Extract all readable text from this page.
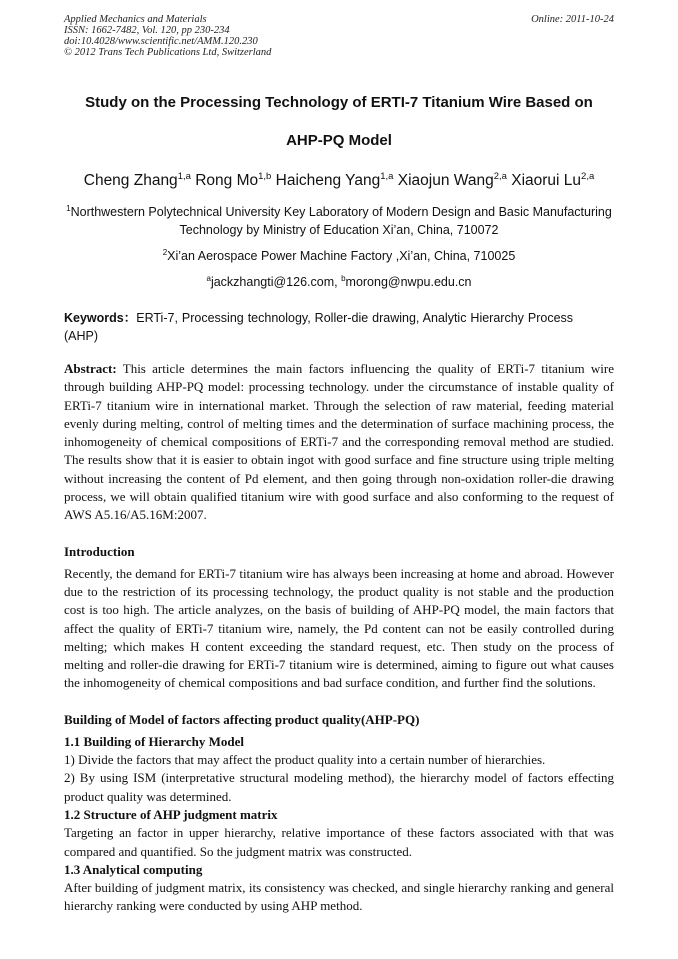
Applied Mechanics and Materials
ISSN: 1662-7482, Vol. 120, pp 230-234
doi:10.4028/www.scientific.net/AMM.120.230
© 2012 Trans Tech Publications Ltd, Switzerland
Online: 2011-10-24
Study on the Processing Technology of ERTI-7 Titanium Wire Based on
AHP-PQ Model
Cheng Zhang$^{1,a}$ Rong Mo$^{1,b}$ Haicheng Yang$^{1,a}$ Xiaojun Wang$^{2,a}$ Xiaorui Lu$^{2,a}$
$^1$Northwestern Polytechnical University Key Laboratory of Modern Design and Basic Manufacturing
Technology by Ministry of Education Xi’an, China, 710072
$^2$Xi’an Aerospace Power Machine Factory ,Xi’an, China, 710025
$^a$jackzhangti@126.com, $^b$morong@nwpu.edu.cn
Keywords：ERTi-7, Processing technology, Roller-die drawing, Analytic Hierarchy Process　(AHP)

Abstract: This article determines the main factors influencing the quality of ERTi-7 titanium wire through building AHP-PQ model: processing technology. under the circumstance of instable quality of ERTi-7 titanium wire in international market. Through the selection of raw material, feeding material evenly during melting, control of melting times and the determination of surface machining process, the inhomogeneity of chemical compositions of ERTi-7 and the corresponding removal method are studied. The results show that it is easier to obtain ingot with good surface and fine structure using triple melting without increasing the content of Pd element, and then going through non-oxidation roller-die drawing process, we will obtain qualified titanium wire with good surface and also conforming to the request of AWS A5.16/A5.16M:2007.

Introduction

Recently, the demand for ERTi-7 titanium wire has always been increasing at home and abroad. However due to the restriction of its processing technology, the product quality is not stable and the production cost is too high. The article analyzes, on the basis of building of AHP-PQ model, the main factors that affect the quality of ERTi-7 titanium wire, namely, the Pd content can not be easily controlled during melting; which makes H content exceeding the standard request, etc. Then study on the process of melting and roller-die drawing for ERTi-7 titanium wire is determined, aiming to figure out what causes the inhomogeneity of chemical compositions and bad surface condition, and further find the solutions.

Building of Model of factors affecting product quality(AHP-PQ)
1.1 Building of Hierarchy Model

1) Divide the factors that may affect the product quality into a certain number of hierarchies.

2) By using ISM (interpretative structural modeling method), the hierarchy model of factors effecting product quality was determined.

1.2 Structure of AHP judgment matrix

Targeting an factor in upper hierarchy, relative importance of these factors associated with that was compared and quantified. So the judgment matrix was constructed.

1.3 Analytical computing

After building of judgment matrix, its consistency was checked, and single hierarchy ranking and general hierarchy ranking were conducted by using AHP method.
